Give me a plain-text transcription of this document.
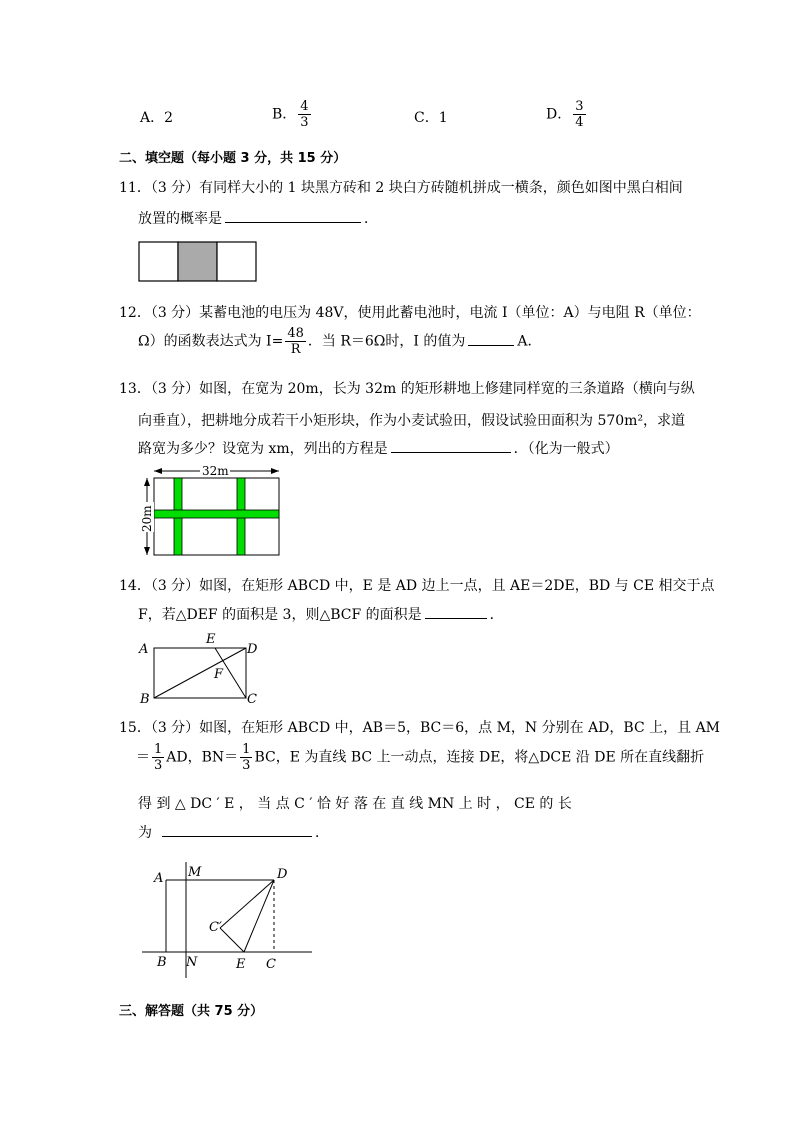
A．2	B． $\frac{4}{3}$	C．1	D． $\frac{3}{4}$
二、填空题（每小题 3 分，共 15 分）
11．（3 分）有同样大小的 1 块黑方砖和 2 块白方砖随机拼成一横条，颜色如图中黑白相间
放置的概率是	．
12．（3 分）某蓄电池的电压为 48V，使用此蓄电池时，电流 I（单位：A）与电阻 R（单位：
Ω）的函数表达式为 $I= \frac{48}{R}$ ．当 R＝6Ω时，I 的值为	A．
13．（3 分）如图，在宽为 20m，长为 32m 的矩形耕地上修建同样宽的三条道路（横向与纵
向垂直），把耕地分成若干小矩形块，作为小麦试验田，假设试验田面积为 570m²，求道
路宽为多少？设宽为 xm，列出的方程是	．（化为一般式）
32m
20m
14．（3 分）如图，在矩形 ABCD 中，E 是 AD 边上一点，且 AE＝2DE，BD 与 CE 相交于点
F，若△DEF 的面积是 3，则△BCF 的面积是	．
A
E
D
F
B	C
15．（3 分）如图，在矩形 ABCD 中，AB＝5，BC＝6，点 M，N 分别在 AD，BC 上，且 AM
＝ $\frac{1}{3}$ AD，$BN= \frac{1}{3}$ BC，E 为直线 BC 上一动点，连接 DE，将△DCE 沿 DE 所在直线翻折
得 到 △ DC ′ E ， 当 点 C ′ 恰 好 落 在 直 线 MN 上 时 ， CE 的 长
为	．
A M	D
C′
B N	E C
三、解答题（共 75 分）
